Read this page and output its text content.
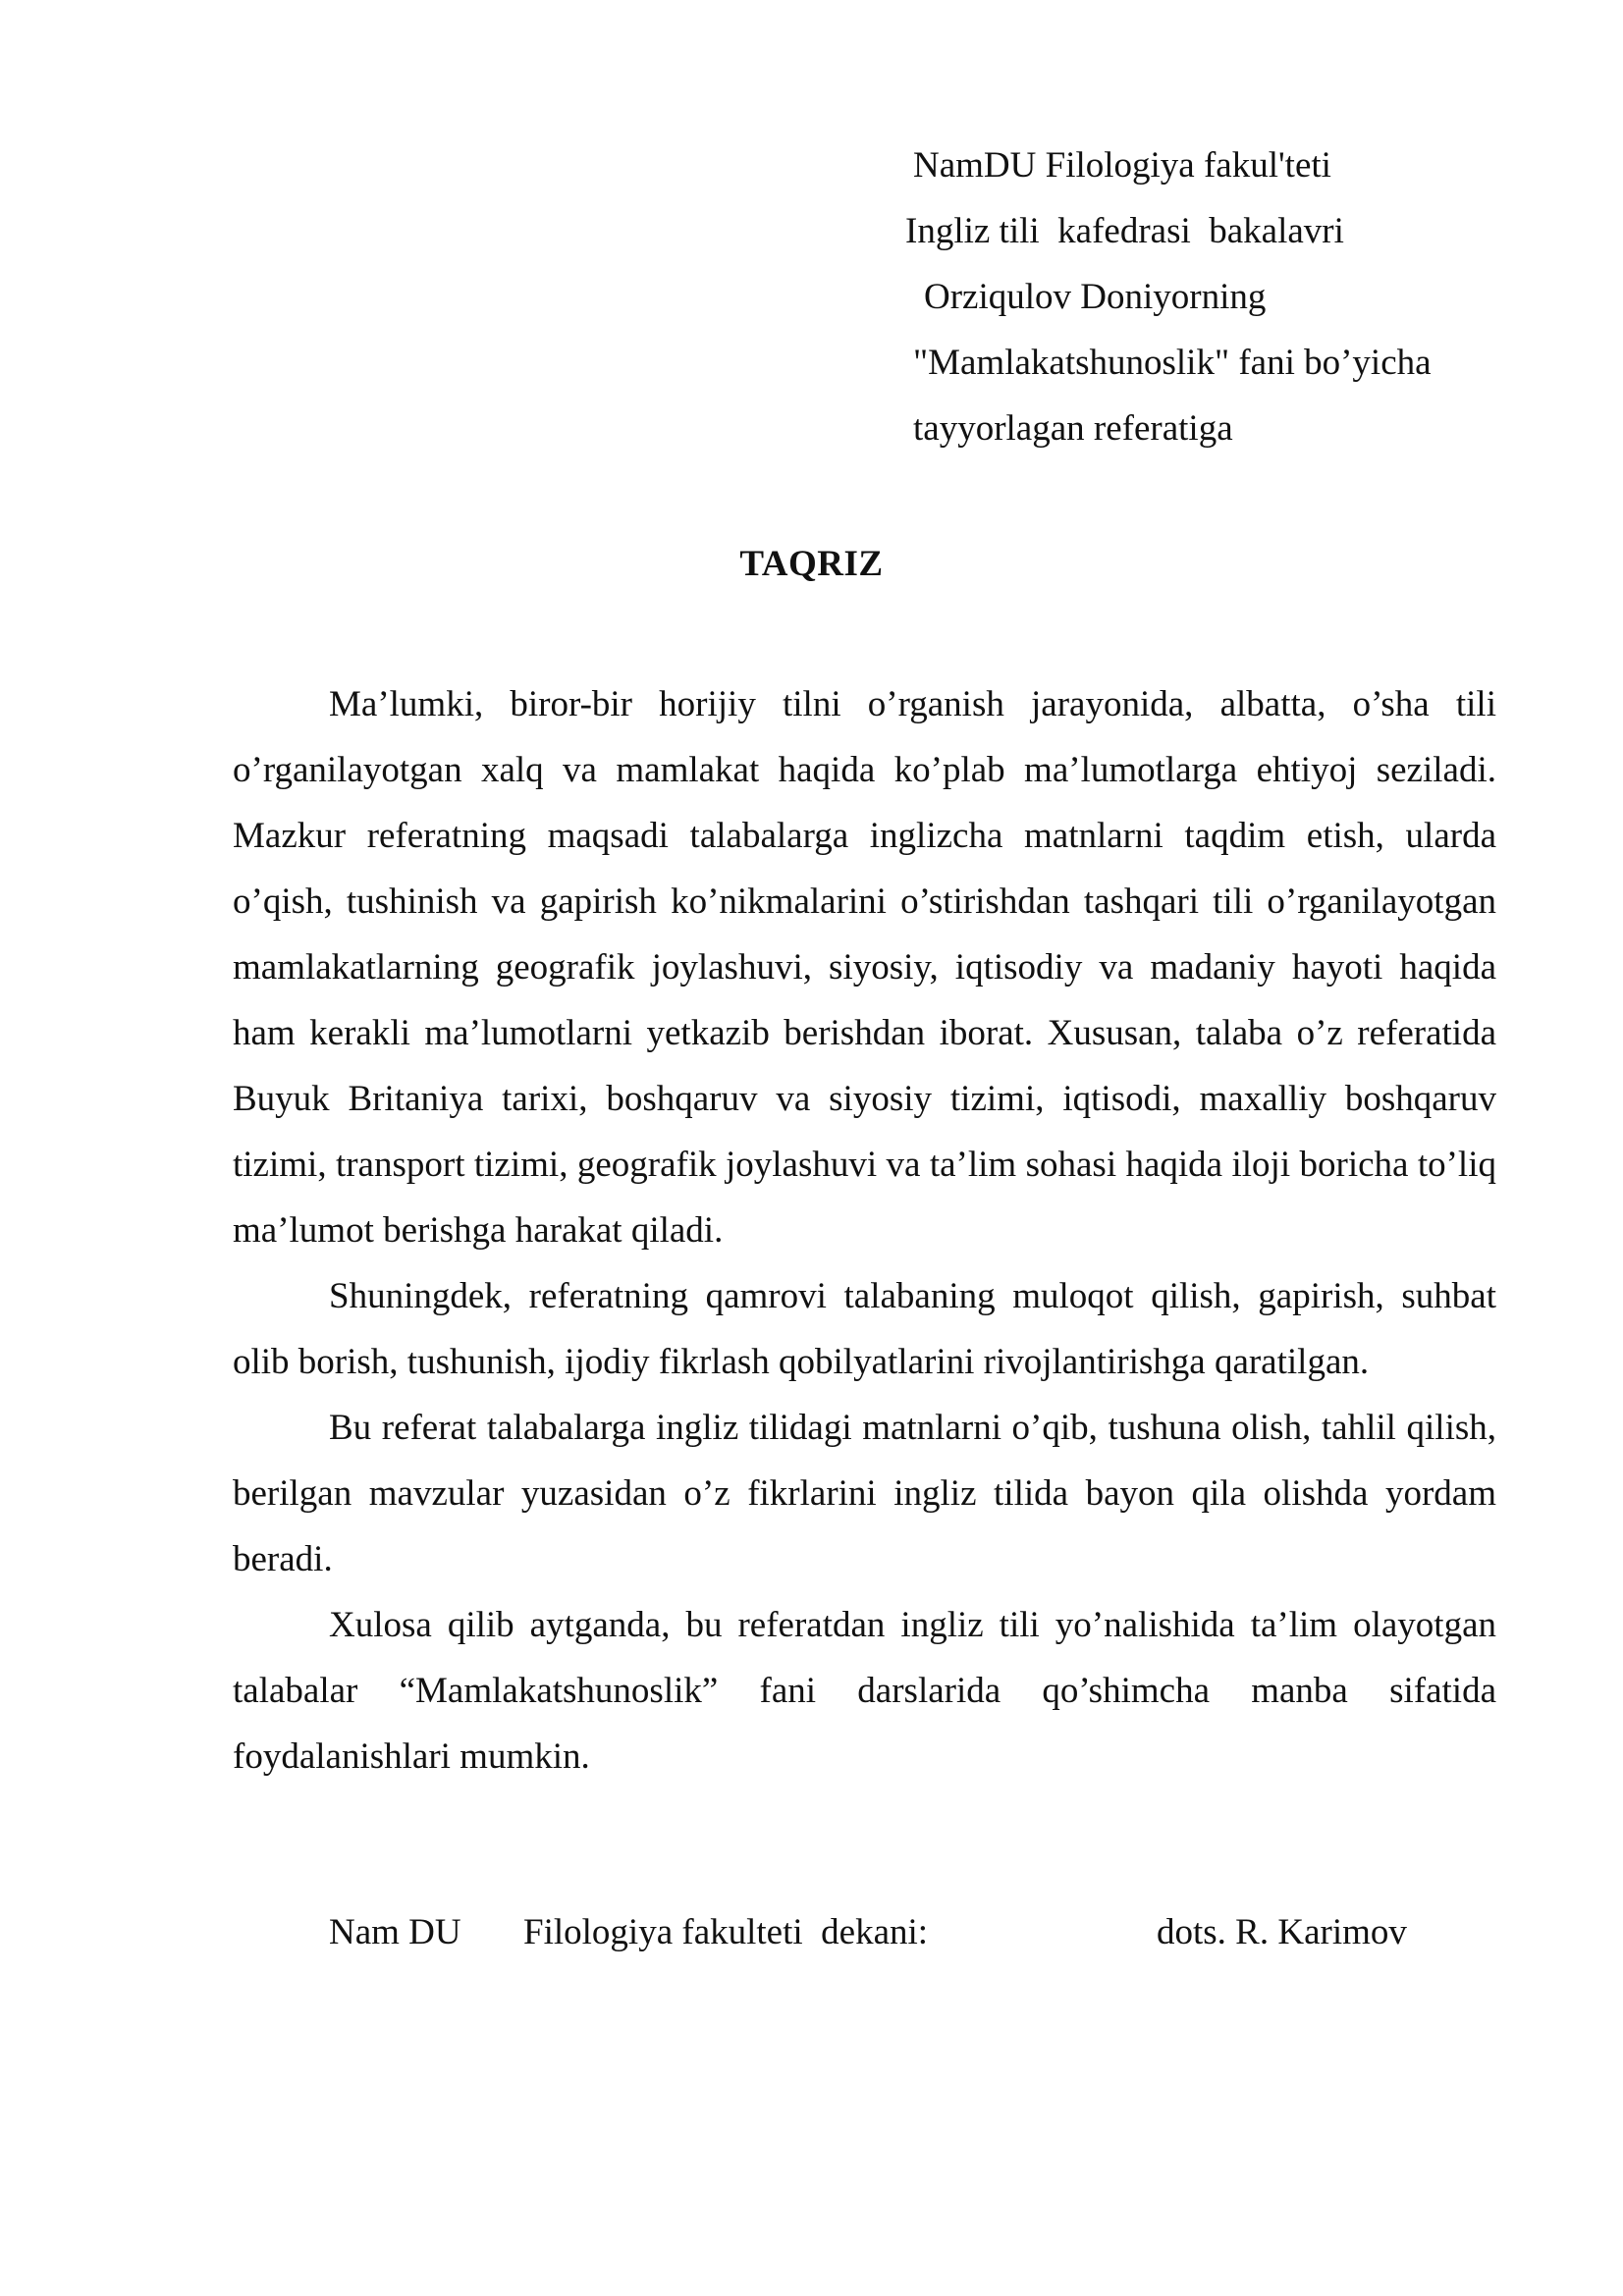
NamDU Filologiya fakul'teti
Ingliz tili  kafedrasi  bakalavri
Orziqulov Doniyorning
"Mamlakatshunoslik" fani bo’yicha
tayyorlagan referatiga
TAQRIZ

Ma’lumki, biror-bir horijiy tilni o’rganish jarayonida, albatta, o’sha tili o’rganilayotgan xalq va mamlakat haqida ko’plab ma’lumotlarga ehtiyoj seziladi. Mazkur referatning maqsadi talabalarga inglizcha matnlarni taqdim etish, ularda o’qish, tushinish va gapirish ko’nikmalarini o’stirishdan tashqari tili o’rganilayotgan mamlakatlarning geografik joylashuvi, siyosiy, iqtisodiy va madaniy hayoti haqida ham kerakli ma’lumotlarni yetkazib berishdan iborat. Xususan, talaba o’z referatida Buyuk Britaniya tarixi, boshqaruv va siyosiy tizimi, iqtisodi, maxalliy boshqaruv tizimi, transport tizimi, geografik joylashuvi va ta’lim sohasi haqida iloji boricha to’liq ma’lumot berishga harakat qiladi.

Shuningdek, referatning qamrovi talabaning muloqot qilish, gapirish, suhbat olib borish, tushunish, ijodiy fikrlash qobilyatlarini rivojlantirishga qaratilgan.

Bu referat talabalarga ingliz tilidagi matnlarni o’qib, tushuna olish, tahlil qilish, berilgan mavzular yuzasidan o’z fikrlarini ingliz tilida bayon qila olishda yordam beradi.

Xulosa qilib aytganda, bu referatdan ingliz tili yo’nalishida ta’lim olayotgan talabalar “Mamlakatshunoslik” fani darslarida qo’shimcha manba sifatida foydalanishlari mumkin.

Nam DU Filologiya fakulteti  dekani:	dots. R. Karimov
